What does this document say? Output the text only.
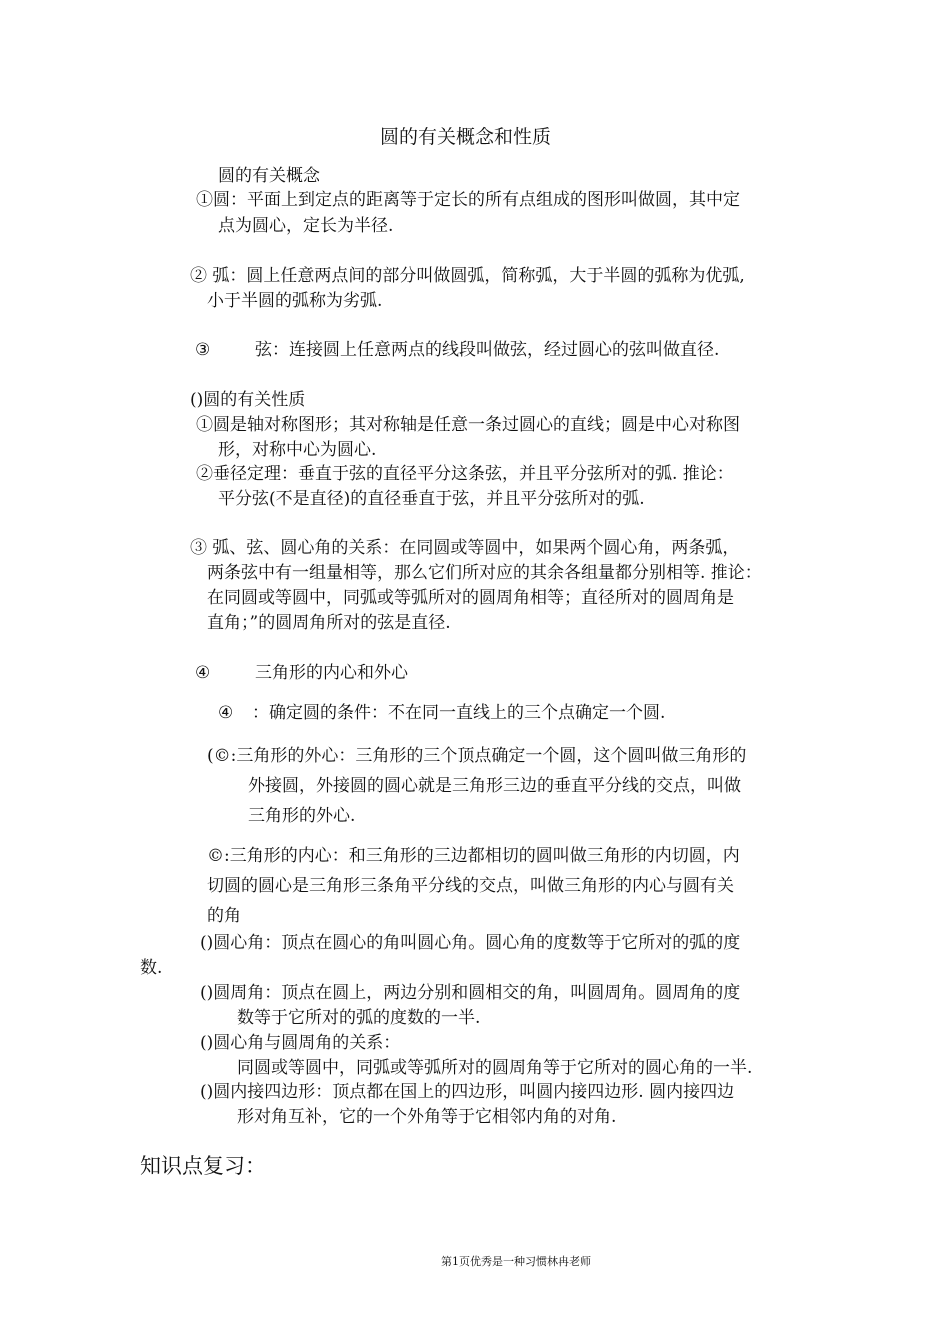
圆的有关概念和性质
圆的有关概念
①圆：平面上到定点的距离等于定长的所有点组成的图形叫做圆，其中定
点为圆心，定长为半径.
② 弧：圆上任意两点间的部分叫做圆弧，简称弧，大于半圆的弧称为优弧,
小于半圆的弧称为劣弧.
③	弦：连接圆上任意两点的线段叫做弦，经过圆心的弦叫做直径.
()圆的有关性质
①圆是轴对称图形；其对称轴是任意一条过圆心的直线；圆是中心对称图
形，对称中心为圆心.
②垂径定理：垂直于弦的直径平分这条弦，并且平分弦所对的弧. 推论：
平分弦(不是直径)的直径垂直于弦，并且平分弦所对的弧.
③ 弧、弦、圆心角的关系：在同圆或等圆中，如果两个圆心角，两条弧，
两条弦中有一组量相等，那么它们所对应的其余各组量都分别相等. 推论：
在同圆或等圆中，同弧或等弧所对的圆周角相等；直径所对的圆周角是
直角；”的圆周角所对的弦是直径.
④	三角形的内心和外心
④ ：确定圆的条件：不在同一直线上的三个点确定一个圆.
(©:三角形的外心：三角形的三个顶点确定一个圆，这个圆叫做三角形的
外接圆，外接圆的圆心就是三角形三边的垂直平分线的交点，叫做
三角形的外心.
©:三角形的内心：和三角形的三边都相切的圆叫做三角形的内切圆，内
切圆的圆心是三角形三条角平分线的交点，叫做三角形的内心与圆有关
的角
()圆心角：顶点在圆心的角叫圆心角。圆心角的度数等于它所对的弧的度
数.
()圆周角：顶点在圆上，两边分别和圆相交的角，叫圆周角。圆周角的度
数等于它所对的弧的度数的一半.
()圆心角与圆周角的关系：
同圆或等圆中，同弧或等弧所对的圆周角等于它所对的圆心角的一半.
()圆内接四边形：顶点都在国上的四边形，叫圆内接四边形. 圆内接四边
形对角互补，它的一个外角等于它相邻内角的对角.
知识点复习：
第1页优秀是一种习惯林冉老师
